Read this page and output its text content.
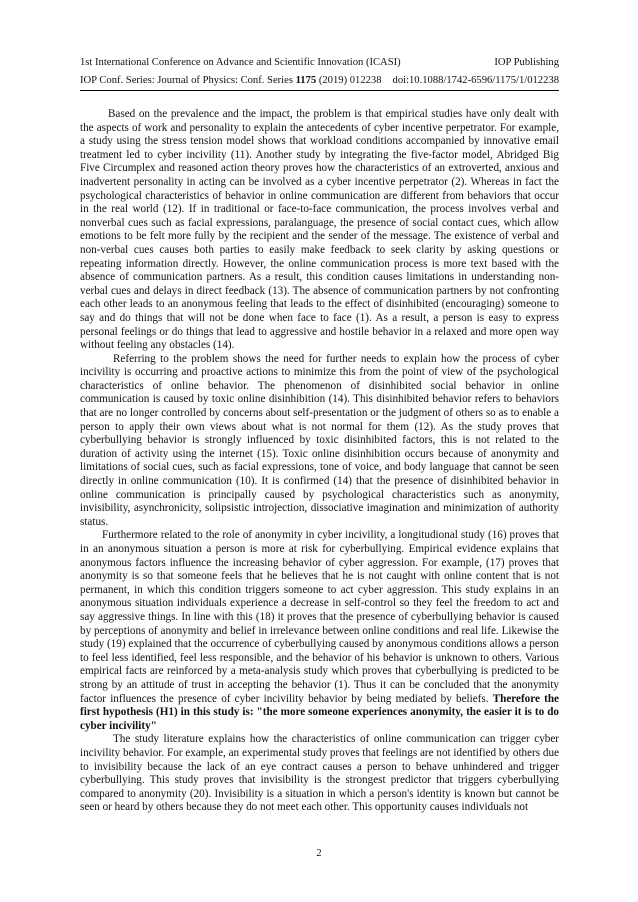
1st International Conference on Advance and Scientific Innovation (ICASI)	IOP Publishing
IOP Conf. Series: Journal of Physics: Conf. Series 1175 (2019) 012238 doi:10.1088/1742-6596/1175/1/012238

Based on the prevalence and the impact, the problem is that empirical studies have only dealt with the aspects of work and personality to explain the antecedents of cyber incentive perpetrator. For example, a study using the stress tension model shows that workload conditions accompanied by innovative email treatment led to cyber incivility (11). Another study by integrating the five-factor model, Abridged Big Five Circumplex and reasoned action theory proves how the characteristics of an extroverted, anxious and inadvertent personality in acting can be involved as a cyber incentive perpetrator (2). Whereas in fact the psychological characteristics of behavior in online communication are different from behaviors that occur in the real world (12). If in traditional or face-to-face communication, the process involves verbal and nonverbal cues such as facial expressions, paralanguage, the presence of social contact cues, which allow emotions to be felt more fully by the recipient and the sender of the message. The existence of verbal and non-verbal cues causes both parties to easily make feedback to seek clarity by asking questions or repeating information directly. However, the online communication process is more text based with the absence of communication partners. As a result, this condition causes limitations in understanding non-verbal cues and delays in direct feedback (13). The absence of communication partners by not confronting each other leads to an anonymous feeling that leads to the effect of disinhibited (encouraging) someone to say and do things that will not be done when face to face (1). As a result, a person is easy to express personal feelings or do things that lead to aggressive and hostile behavior in a relaxed and more open way without feeling any obstacles (14).

Referring to the problem shows the need for further needs to explain how the process of cyber incivility is occurring and proactive actions to minimize this from the point of view of the psychological characteristics of online behavior. The phenomenon of disinhibited social behavior in online communication is caused by toxic online disinhibition (14). This disinhibited behavior refers to behaviors that are no longer controlled by concerns about self-presentation or the judgment of others so as to enable a person to apply their own views about what is not normal for them (12). As the study proves that cyberbullying behavior is strongly influenced by toxic disinhibited factors, this is not related to the duration of activity using the internet (15). Toxic online disinhibition occurs because of anonymity and limitations of social cues, such as facial expressions, tone of voice, and body language that cannot be seen directly in online communication (10). It is confirmed (14) that the presence of disinhibited behavior in online communication is principally caused by psychological characteristics such as anonymity, invisibility, asynchronicity, solipsistic introjection, dissociative imagination and minimization of authority status.

Furthermore related to the role of anonymity in cyber incivility, a longitudional study (16) proves that in an anonymous situation a person is more at risk for cyberbullying. Empirical evidence explains that anonymous factors influence the increasing behavior of cyber aggression. For example, (17) proves that anonymity is so that someone feels that he believes that he is not caught with online content that is not permanent, in which this condition triggers someone to act cyber aggression. This study explains in an anonymous situation individuals experience a decrease in self-control so they feel the freedom to act and say aggressive things. In line with this (18) it proves that the presence of cyberbullying behavior is caused by perceptions of anonymity and belief in irrelevance between online conditions and real life. Likewise the study (19) explained that the occurrence of cyberbullying caused by anonymous conditions allows a person to feel less identified, feel less responsible, and the behavior of his behavior is unknown to others. Various empirical facts are reinforced by a meta-analysis study which proves that cyberbullying is predicted to be strong by an attitude of trust in accepting the behavior (1). Thus it can be concluded that the anonymity factor influences the presence of cyber incivility behavior by being mediated by beliefs. Therefore the first hypothesis (H1) in this study is: "the more someone experiences anonymity, the easier it is to do cyber incivility"

The study literature explains how the characteristics of online communication can trigger cyber incivility behavior. For example, an experimental study proves that feelings are not identified by others due to invisibility because the lack of an eye contract causes a person to behave unhindered and trigger cyberbullying. This study proves that invisibility is the strongest predictor that triggers cyberbullying compared to anonymity (20). Invisibility is a situation in which a person's identity is known but cannot be seen or heard by others because they do not meet each other. This opportunity causes individuals not

2
